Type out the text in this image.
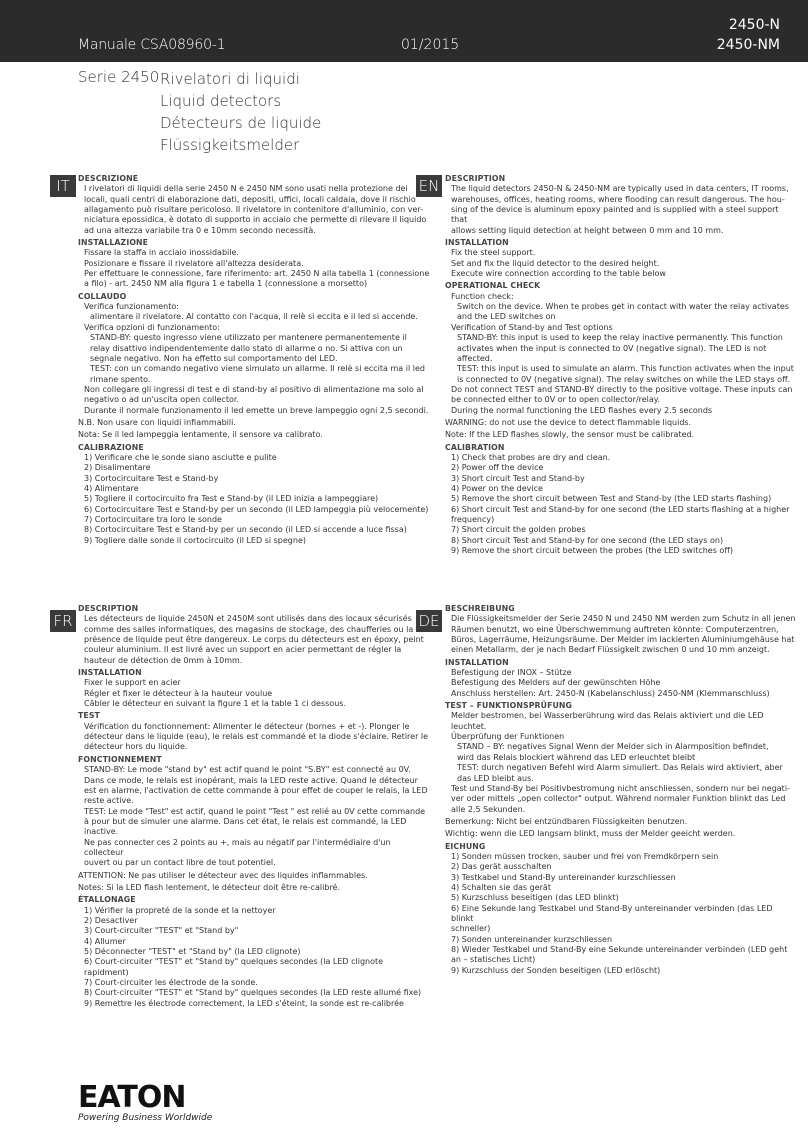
Manuale CSA08960-1	01/2015
2450-N
2450-NM
Serie 2450 Rivelatori di liquidi
Liquid detectors
Détecteurs de liquide
Flüssigkeitsmelder
IT	DESCRIZIONE
I rivelatori di liquidi della serie 2450 N e 2450 NM sono usati nella protezione dei
locali, quali centri di elaborazione dati, depositi, uffici, locali caldaia, dove il rischio
allagamento può risultare pericoloso. Il rivelatore in contenitore d'alluminio, con ver-
niciatura epossidica, è dotato di supporto in acciaio che permette di rilevare il liquido
ad una altezza variabile tra 0 e 10mm secondo necessità.
INSTALLAZIONE
Fissare la staffa in acciaio inossidabile.
Posizionare e fissare il rivelatore all'altezza desiderata.
Per effettuare le connessione, fare riferimento: art. 2450 N alla tabella 1 (connessione
a filo) - art. 2450 NM alla figura 1 e tabella 1 (connessione a morsetto)
COLLAUDO
Verifica funzionamento:
alimentare il rivelatore. Al contatto con l'acqua, il relè si eccita e il led si accende.
Verifica opzioni di funzionamento:
STAND-BY: questo ingresso viene utilizzato per mantenere permanentemente il
relay disattivo indipendentemente dallo stato di allarme o no. Si attiva con un
segnale negativo. Non ha effetto sul comportamento del LED.
TEST: con un comando negativo viene simulato un allarme. Il relè si eccita ma il led
rimane spento.
Non collegare gli ingressi di test e di stand-by al positivo di alimentazione ma solo al
negativo o ad un'uscita open collector.
Durante il normale funzionamento il led emette un breve lampeggio ogni 2,5 secondi.
N.B. Non usare con liquidi infiammabili.
Nota: Se il led lampeggia lentamente, il sensore va calibrato.
CALIBRAZIONE
1) Verificare che le sonde siano asciutte e pulite
2) Disalimentare
3) Cortocircuitare Test e Stand-by
4) Alimentare
5) Togliere il cortocircuito fra Test e Stand-by (il LED inizia a lampeggiare)
6) Cortocircuitare Test e Stand-by per un secondo (il LED lampeggia più velocemente)
7) Cortocircuitare tra loro le sonde
8) Cortocircuitare Test e Stand-by per un secondo (il LED si accende a luce fissa)
9) Togliere dalle sonde il cortocircuito (il LED si spegne)
EN DESCRIPTION
The liquid detectors 2450-N & 2450-NM are typically used in data centers, IT rooms,
warehouses, offices, heating rooms, where flooding can result dangerous. The hou-
sing of the device is aluminum epoxy painted and is supplied with a steel support that
allows setting liquid detection at height between 0 mm and 10 mm.
INSTALLATION
Fix the steel support.
Set and fix the liquid detector to the desired height.
Execute wire connection according to the table below
OPERATIONAL CHECK
Function check:
Switch on the device. When te probes get in contact with water the relay activates
and the LED switches on
Verification of Stand-by and Test options
STAND-BY: this input is used to keep the relay inactive permanently. This function
activates when the input is connected to 0V (negative signal). The LED is not
affected.
TEST: this input is used to simulate an alarm. This function activates when the input
is connected to 0V (negative signal). The relay switches on while the LED stays off.
Do not connect TEST and STAND-BY directly to the positive voltage. These inputs can
be connected either to 0V or to open collector/relay.
During the normal functioning the LED flashes every 2.5 seconds
WARNING: do not use the device to detect flammable liquids.
Note: If the LED flashes slowly, the sensor must be calibrated.
CALIBRATION
1) Check that probes are dry and clean.
2) Power off the device
3) Short circuit Test and Stand-by
4) Power on the device
5) Remove the short circuit between Test and Stand-by (the LED starts flashing)
6) Short circuit Test and Stand-by for one second (the LED starts flashing at a higher
frequency)
7) Short circuit the golden probes
8) Short circuit Test and Stand-by for one second (the LED stays on)
9) Remove the short circuit between the probes (the LED switches off)
FR
DESCRIPTION
Les détecteurs de liquide 2450N et 2450M sont utilisés dans des locaux sécurisés
comme des salles informatiques, des magasins de stockage, des chaufferies ou la
présence de liquide peut être dangereux. Le corps du détecteurs est en époxy, peint
couleur aluminium. Il est livré avec un support en acier permettant de régler la
hauteur de détection de 0mm à 10mm.
INSTALLATION
Fixer le support en acier
Régler et fixer le détecteur à la hauteur voulue
Câbler le détecteur en suivant la figure 1 et la table 1 ci dessous.
TEST
Vérification du fonctionnement: Alimenter le détecteur (bornes + et -). Plonger le
détecteur dans le liquide (eau), le relais est commandé et la diode s'éclaire. Retirer le
détecteur hors du liquide.
FONCTIONNEMENT
STAND-BY: Le mode "stand by" est actif quand le point "S.BY" est connecté au 0V.
Dans ce mode, le relais est inopérant, mais la LED reste active. Quand le détecteur
est en alarme, l'activation de cette commande à pour effet de couper le relais, la LED
reste active.
TEST: Le mode "Test" est actif, quand le point "Test " est relié au 0V cette commande
à pour but de simuler une alarme. Dans cet état, le relais est commandé, la LED
inactive.
Ne pas connecter ces 2 points au +, mais au négatif par l'intermédiaire d'un collecteur
ouvert ou par un contact libre de tout potentiel.
ATTENTION: Ne pas utiliser le détecteur avec des liquides inflammables.
Notes: Si la LED flash lentement, le détecteur doit être re-calibré.
ÉTALLONAGE
1) Vérifier la propreté de la sonde et la nettoyer
2) Desactiver
3) Court-circuiter "TEST" et "Stand by"
4) Allumer
5) Déconnecter "TEST" et "Stand by" (la LED clignote)
6) Court-circuiter "TEST" et "Stand by" quelques secondes (la LED clignote
rapidment)
7) Court-circuiter les électrode de la sonde.
8) Court-circuiter "TEST" et "Stand by" quelques secondes (la LED reste allumé fixe)
9) Remettre les électrode correctement, la LED s'éteint, la sonde est re-calibrée
DE
BESCHREIBUNG
Die Flüssigkeitsmelder der Serie 2450 N und 2450 NM werden zum Schutz in all jenen
Räumen benutzt, wo eine Überschwemmung auftreten könnte: Computerzentren,
Büros, Lagerräume, Heizungsräume. Der Melder im lackierten Aluminiumgehäuse hat
einen Metallarm, der je nach Bedarf Flüssigkeit zwischen 0 und 10 mm anzeigt.
INSTALLATION
Befestigung der INOX – Stütze
Befestigung des Melders auf der gewünschten Höhe
Anschluss herstellen: Art. 2450-N (Kabelanschluss) 2450-NM (Klemmanschluss)
TEST – FUNKTIONSPRÜFUNG
Melder bestromen, bei Wasserberührung wird das Relais aktiviert und die LED
leuchtet.
Überprüfung der Funktionen
STAND – BY: negatives Signal Wenn der Melder sich in Alarmposition befindet,
wird das Relais blockiert während das LED erleuchtet bleibt
TEST: durch negativen Befehl wird Alarm simuliert. Das Relais wird aktiviert, aber
das LED bleibt aus.
Test und Stand-By bei Positivbestromung nicht anschliessen, sondern nur bei negati-
ver oder mittels „open collector" output. Während normaler Funktion blinkt das Led
alle 2,5 Sekunden.
Bemerkung: Nicht bei entzündbaren Flüssigkeiten benutzen.
Wichtig: wenn die LED langsam blinkt, muss der Melder geeicht werden.
EICHUNG
1) Sonden müssen trocken, sauber und frei von Fremdkörpern sein
2) Das gerät ausschalten
3) Testkabel und Stand-By untereinander kurzschliessen
4) Schalten sie das gerät
5) Kurzschluss beseitigen (das LED blinkt)
6) Eine Sekunde lang Testkabel und Stand-By untereinander verbinden (das LED blinkt
schneller)
7) Sonden untereinander kurzschliessen
8) Wieder Testkabel und Stand-By eine Sekunde untereinander verbinden (LED geht
an – statisches Licht)
9) Kurzschluss der Sonden beseitigen (LED erlöscht)
EATON
Powering Business Worldwide
